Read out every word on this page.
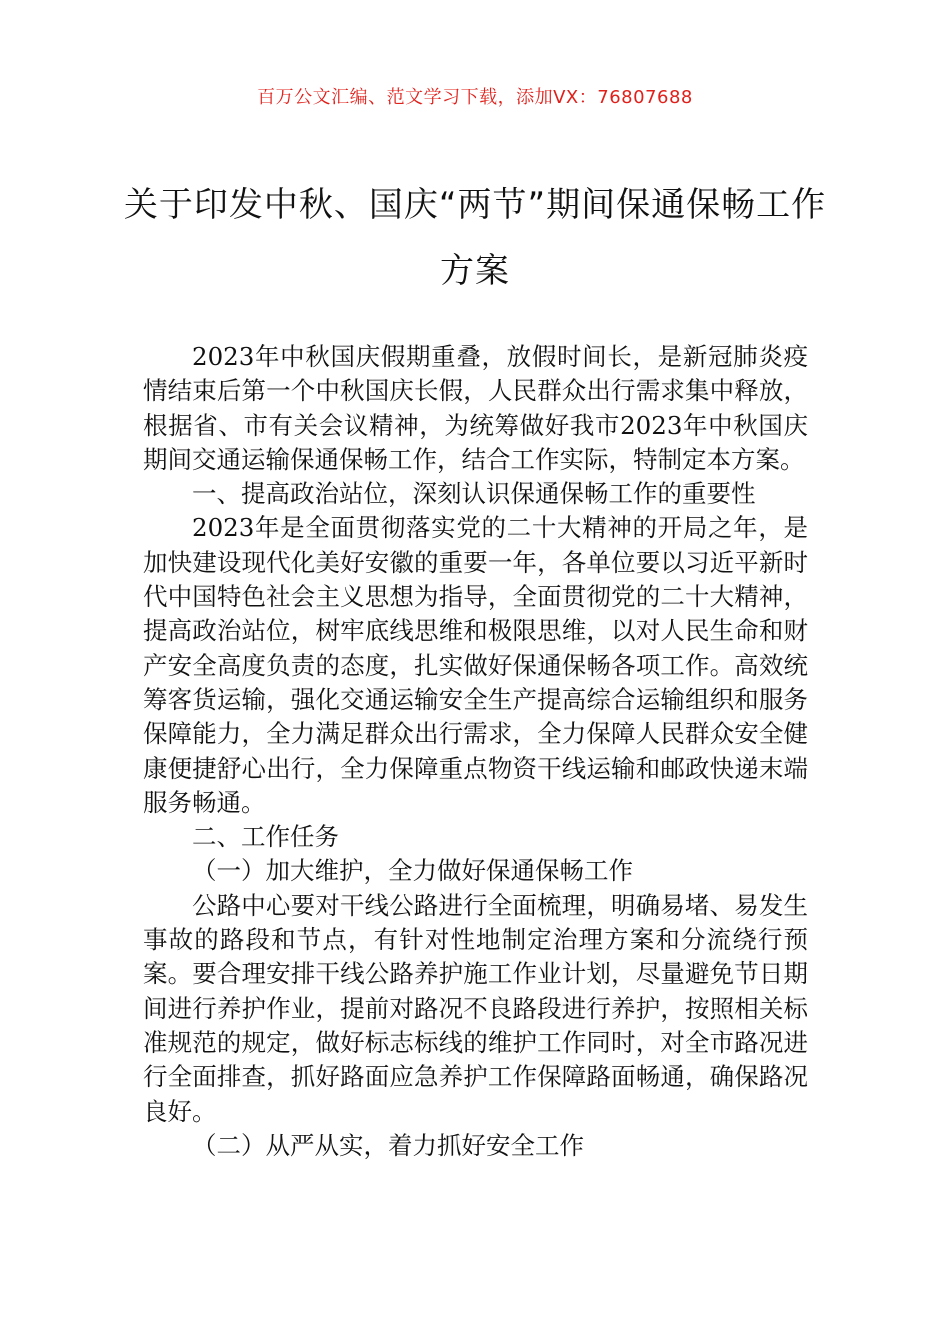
百万公文汇编、范文学习下载，添加VX：76807688
关于印发中秋、国庆“两节”期间保通保畅工作方案

2023年中秋国庆假期重叠，放假时间长，是新冠肺炎疫情结束后第一个中秋国庆长假，人民群众出行需求集中释放，根据省、市有关会议精神，为统筹做好我市2023年中秋国庆期间交通运输保通保畅工作，结合工作实际，特制定本方案。

一、提高政治站位，深刻认识保通保畅工作的重要性

2023年是全面贯彻落实党的二十大精神的开局之年，是加快建设现代化美好安徽的重要一年，各单位要以习近平新时代中国特色社会主义思想为指导，全面贯彻党的二十大精神，提高政治站位，树牢底线思维和极限思维，以对人民生命和财产安全高度负责的态度，扎实做好保通保畅各项工作。高效统筹客货运输，强化交通运输安全生产提高综合运输组织和服务保障能力，全力满足群众出行需求，全力保障人民群众安全健康便捷舒心出行，全力保障重点物资干线运输和邮政快递末端服务畅通。

二、工作任务

（一）加大维护，全力做好保通保畅工作

公路中心要对干线公路进行全面梳理，明确易堵、易发生事故的路段和节点，有针对性地制定治理方案和分流绕行预案。要合理安排干线公路养护施工作业计划，尽量避免节日期间进行养护作业，提前对路况不良路段进行养护，按照相关标准规范的规定，做好标志标线的维护工作同时，对全市路况进行全面排查，抓好路面应急养护工作保障路面畅通，确保路况良好。

（二）从严从实，着力抓好安全工作
